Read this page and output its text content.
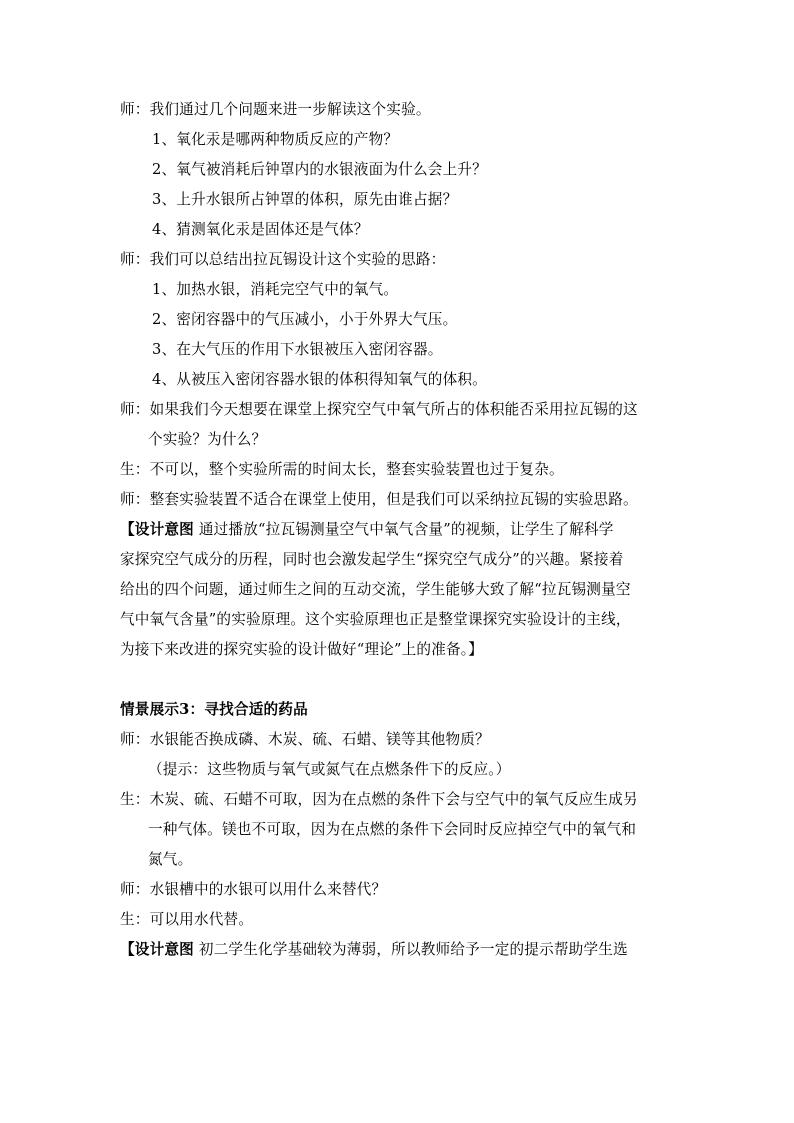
师：我们通过几个问题来进一步解读这个实验。
1、氧化汞是哪两种物质反应的产物？
2、氧气被消耗后钟罩内的水银液面为什么会上升？
3、上升水银所占钟罩的体积，原先由谁占据？
4、猜测氧化汞是固体还是气体？
师：我们可以总结出拉瓦锡设计这个实验的思路：
1、加热水银，消耗完空气中的氧气。
2、密闭容器中的气压减小，小于外界大气压。
3、在大气压的作用下水银被压入密闭容器。
4、从被压入密闭容器水银的体积得知氧气的体积。
师：如果我们今天想要在课堂上探究空气中氧气所占的体积能否采用拉瓦锡的这
个实验？为什么？
生：不可以，整个实验所需的时间太长，整套实验装置也过于复杂。
师：整套实验装置不适合在课堂上使用，但是我们可以采纳拉瓦锡的实验思路。
【设计意图 通过播放“拉瓦锡测量空气中氧气含量”的视频，让学生了解科学
家探究空气成分的历程，同时也会激发起学生“探究空气成分”的兴趣。紧接着
给出的四个问题，通过师生之间的互动交流，学生能够大致了解“拉瓦锡测量空
气中氧气含量”的实验原理。这个实验原理也正是整堂课探究实验设计的主线，
为接下来改进的探究实验的设计做好“理论”上的准备。】
情景展示3：寻找合适的药品
师：水银能否换成磷、木炭、硫、石蜡、镁等其他物质？
（提示：这些物质与氧气或氮气在点燃条件下的反应。）
生：木炭、硫、石蜡不可取，因为在点燃的条件下会与空气中的氧气反应生成另
一种气体。镁也不可取，因为在点燃的条件下会同时反应掉空气中的氧气和
氮气。
师：水银槽中的水银可以用什么来替代？
生：可以用水代替。
【设计意图 初二学生化学基础较为薄弱，所以教师给予一定的提示帮助学生选
